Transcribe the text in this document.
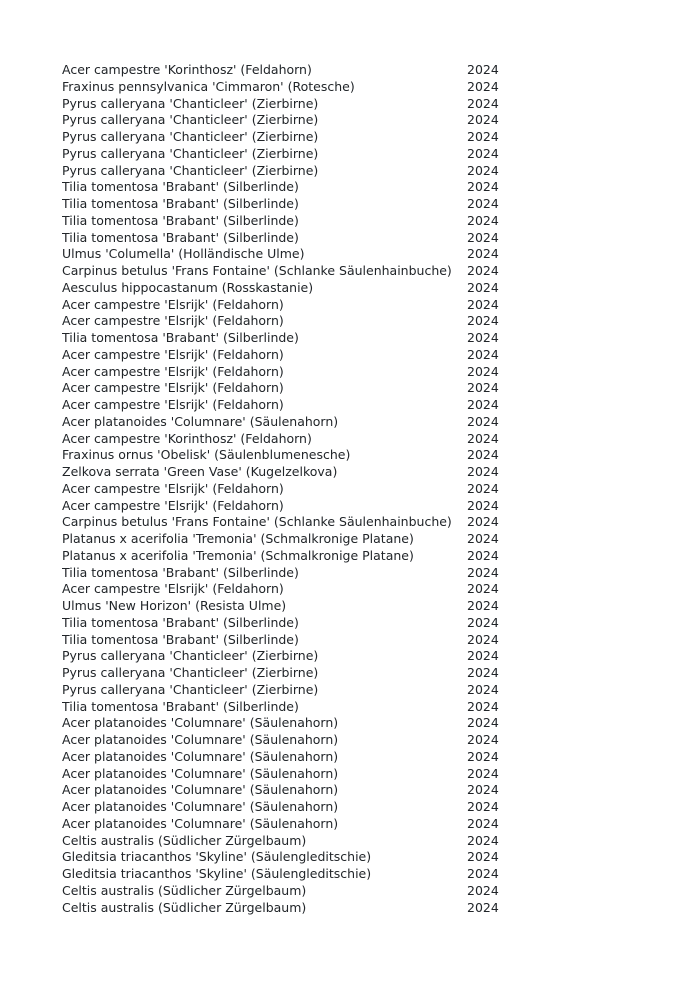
Acer campestre 'Korinthosz' (Feldahorn)	2024
Fraxinus pennsylvanica 'Cimmaron' (Rotesche)	2024
Pyrus calleryana 'Chanticleer' (Zierbirne)	2024
Pyrus calleryana 'Chanticleer' (Zierbirne)	2024
Pyrus calleryana 'Chanticleer' (Zierbirne)	2024
Pyrus calleryana 'Chanticleer' (Zierbirne)	2024
Pyrus calleryana 'Chanticleer' (Zierbirne)	2024
Tilia tomentosa 'Brabant' (Silberlinde)	2024
Tilia tomentosa 'Brabant' (Silberlinde)	2024
Tilia tomentosa 'Brabant' (Silberlinde)	2024
Tilia tomentosa 'Brabant' (Silberlinde)	2024
Ulmus 'Columella' (Holländische Ulme)	2024
Carpinus betulus 'Frans Fontaine' (Schlanke Säulenhainbuche)	2024
Aesculus hippocastanum (Rosskastanie)	2024
Acer campestre 'Elsrijk' (Feldahorn)	2024
Acer campestre 'Elsrijk' (Feldahorn)	2024
Tilia tomentosa 'Brabant' (Silberlinde)	2024
Acer campestre 'Elsrijk' (Feldahorn)	2024
Acer campestre 'Elsrijk' (Feldahorn)	2024
Acer campestre 'Elsrijk' (Feldahorn)	2024
Acer campestre 'Elsrijk' (Feldahorn)	2024
Acer platanoides 'Columnare' (Säulenahorn)	2024
Acer campestre 'Korinthosz' (Feldahorn)	2024
Fraxinus ornus 'Obelisk' (Säulenblumenesche)	2024
Zelkova serrata 'Green Vase' (Kugelzelkova)	2024
Acer campestre 'Elsrijk' (Feldahorn)	2024
Acer campestre 'Elsrijk' (Feldahorn)	2024
Carpinus betulus 'Frans Fontaine' (Schlanke Säulenhainbuche)	2024
Platanus x acerifolia 'Tremonia' (Schmalkronige Platane)	2024
Platanus x acerifolia 'Tremonia' (Schmalkronige Platane)	2024
Tilia tomentosa 'Brabant' (Silberlinde)	2024
Acer campestre 'Elsrijk' (Feldahorn)	2024
Ulmus 'New Horizon' (Resista Ulme)	2024
Tilia tomentosa 'Brabant' (Silberlinde)	2024
Tilia tomentosa 'Brabant' (Silberlinde)	2024
Pyrus calleryana 'Chanticleer' (Zierbirne)	2024
Pyrus calleryana 'Chanticleer' (Zierbirne)	2024
Pyrus calleryana 'Chanticleer' (Zierbirne)	2024
Tilia tomentosa 'Brabant' (Silberlinde)	2024
Acer platanoides 'Columnare' (Säulenahorn)	2024
Acer platanoides 'Columnare' (Säulenahorn)	2024
Acer platanoides 'Columnare' (Säulenahorn)	2024
Acer platanoides 'Columnare' (Säulenahorn)	2024
Acer platanoides 'Columnare' (Säulenahorn)	2024
Acer platanoides 'Columnare' (Säulenahorn)	2024
Acer platanoides 'Columnare' (Säulenahorn)	2024
Celtis australis (Südlicher Zürgelbaum)	2024
Gleditsia triacanthos 'Skyline' (Säulengleditschie)	2024
Gleditsia triacanthos 'Skyline' (Säulengleditschie)	2024
Celtis australis (Südlicher Zürgelbaum)	2024
Celtis australis (Südlicher Zürgelbaum)	2024
